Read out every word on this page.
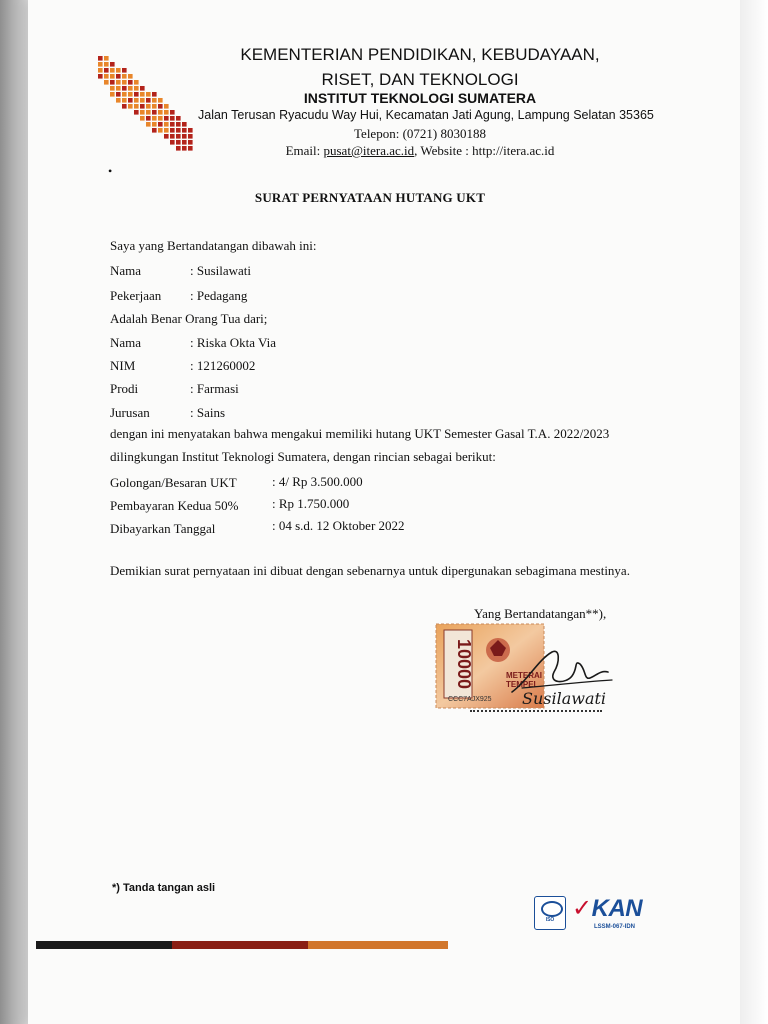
KEMENTERIAN PENDIDIKAN, KEBUDAYAAN,
RISET, DAN TEKNOLOGI
INSTITUT TEKNOLOGI SUMATERA
Jalan Terusan Ryacudu Way Hui, Kecamatan Jati Agung, Lampung Selatan 35365
Telepon: (0721) 8030188
Email: pusat@itera.ac.id, Website : http://itera.ac.id
•
SURAT PERNYATAAN HUTANG UKT
Saya yang Bertandatangan dibawah ini:
Nama	: Susilawati
Pekerjaan : Pedagang
Adalah Benar Orang Tua dari;
Nama	: Riska Okta Via
NIM	: 121260002
Prodi	: Farmasi
Jurusan	: Sains
dengan ini menyatakan bahwa mengakui memiliki hutang UKT Semester Gasal T.A. 2022/2023
dilingkungan Institut Teknologi Sumatera, dengan rincian sebagai berikut:
Golongan/Besaran UKT	: 4/ Rp 3.500.000
Pembayaran Kedua 50%	: Rp 1.750.000
Dibayarkan Tanggal	: 04 s.d. 12 Oktober 2022
Demikian surat pernyataan ini dibuat dengan sebenarnya untuk dipergunakan sebagimana mestinya.
Yang Bertandatangan**),
10000	METERAI
TEMPEL
CCC7AJX925 Susilawati
*) Tanda tangan asli
ISO ✓KAN
LSSM-067-IDN
